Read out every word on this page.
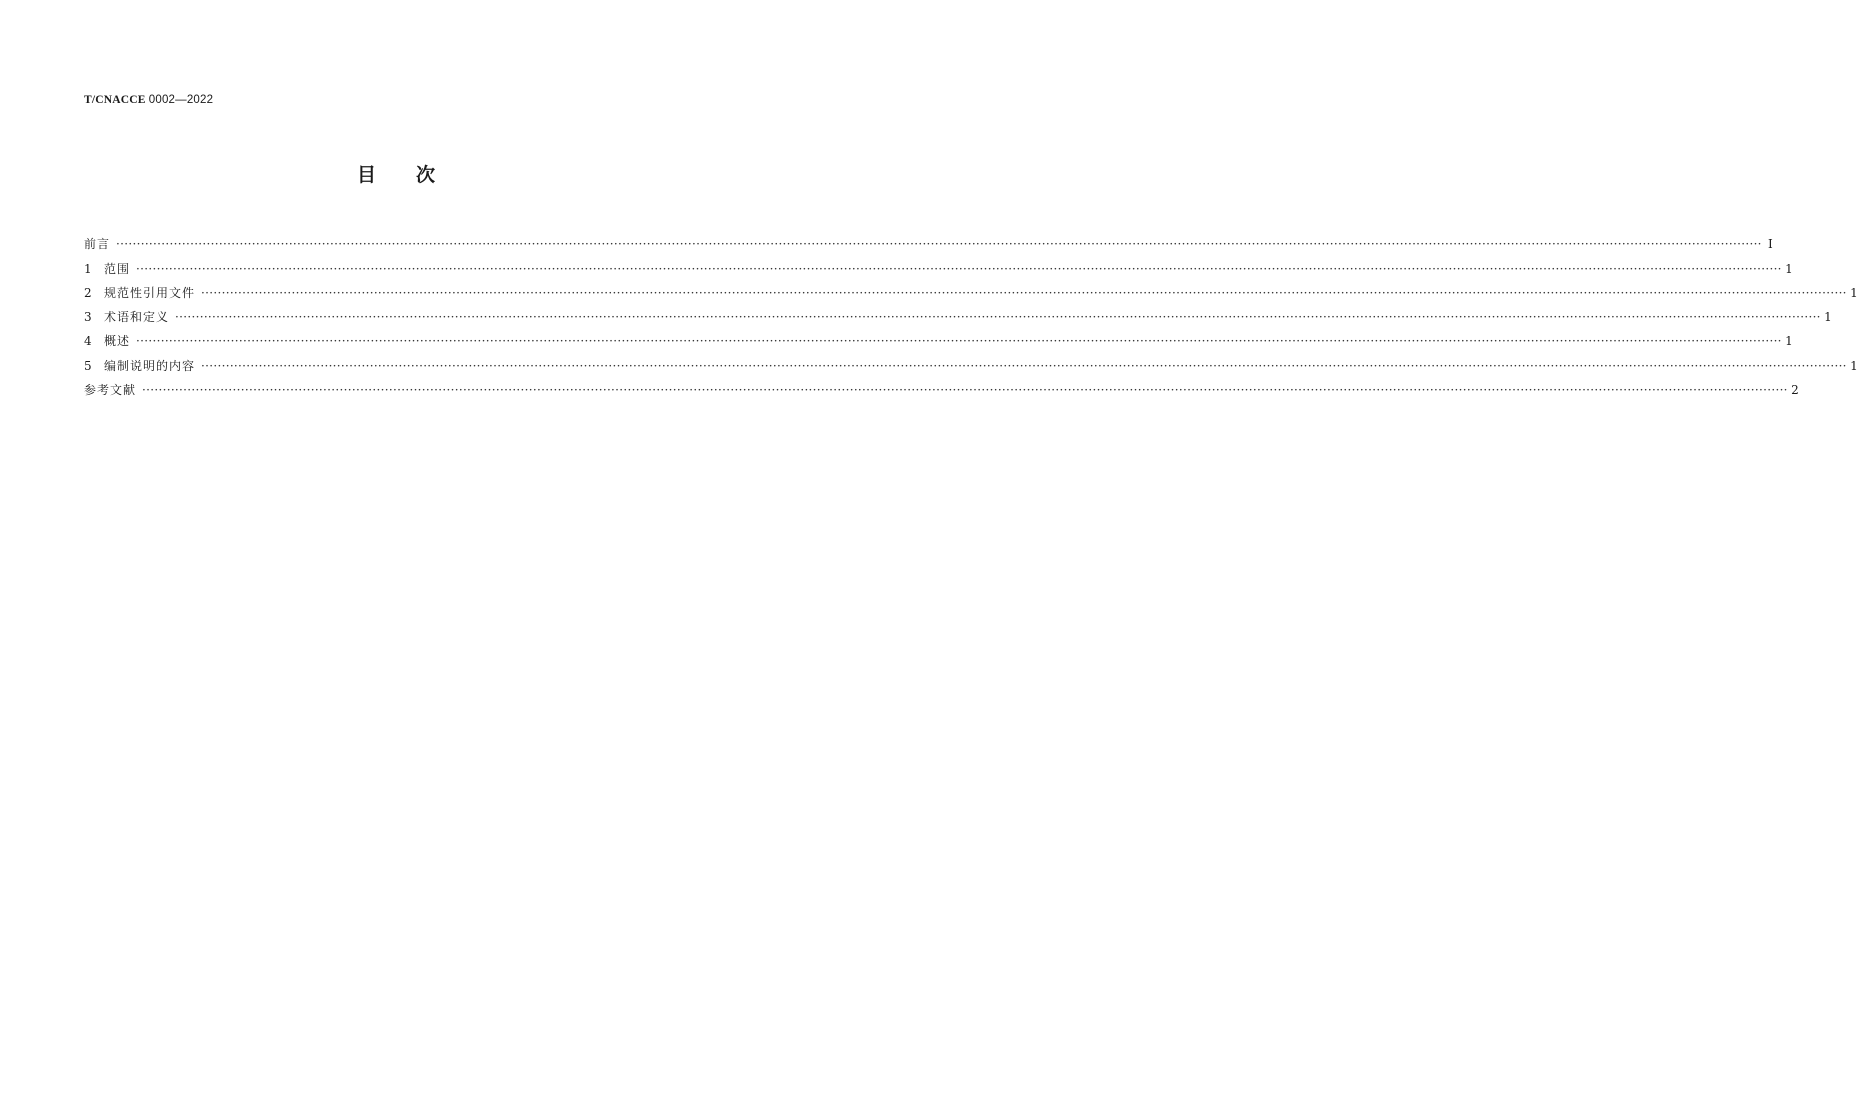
T/CNACCE 0002—2022
目次
前言 ················································································································································································································································································································································································································ I
1	范围 ················································································································································································································································································································································································································ 1
2	规范性引用文件 ················································································································································································································································································································································································································ 1
3	术语和定义 ················································································································································································································································································································································································································ 1
4	概述 ················································································································································································································································································································································································································ 1
5	编制说明的内容 ················································································································································································································································································································································································································ 1
参考文献 ················································································································································································································································································································································································································ 2
